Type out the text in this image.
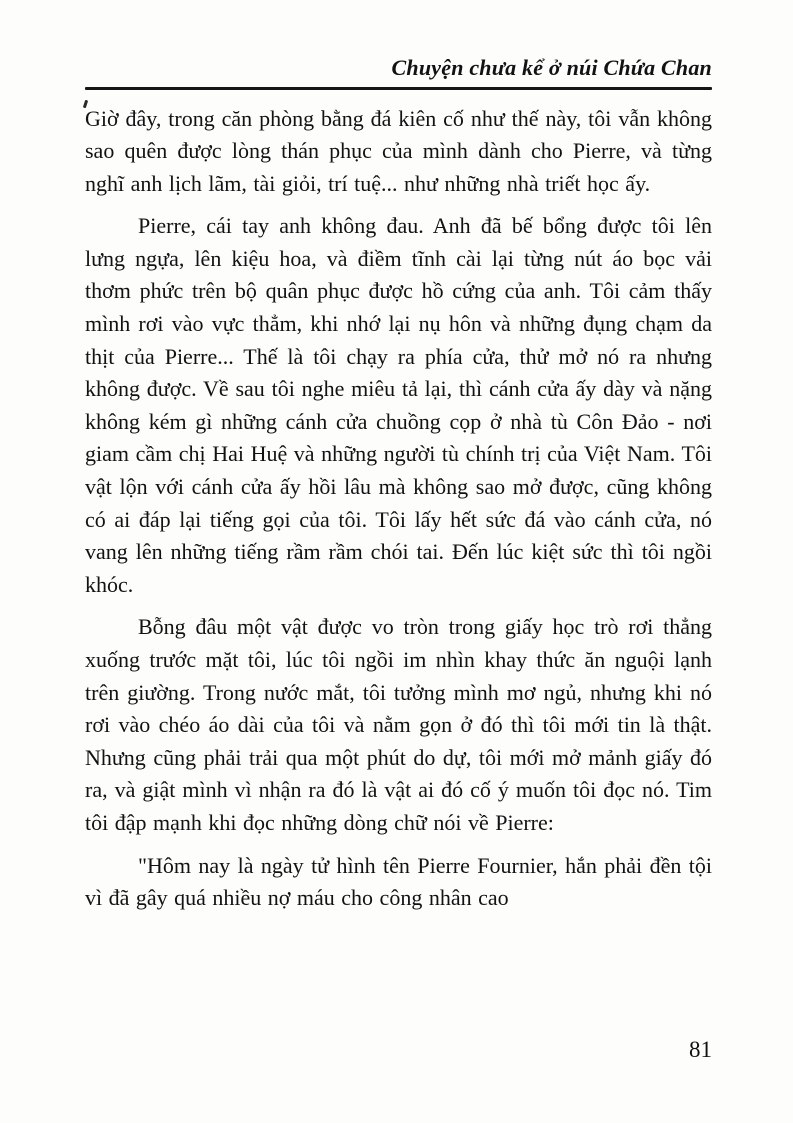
Chuyện chưa kể ở núi Chứa Chan

Giờ đây, trong căn phòng bằng đá kiên cố như thế này, tôi vẫn không sao quên được lòng thán phục của mình dành cho Pierre, và từng nghĩ anh lịch lãm, tài giỏi, trí tuệ... như những nhà triết học ấy.

Pierre, cái tay anh không đau. Anh đã bế bổng được tôi lên lưng ngựa, lên kiệu hoa, và điềm tĩnh cài lại từng nút áo bọc vải thơm phức trên bộ quân phục được hồ cứng của anh. Tôi cảm thấy mình rơi vào vực thẳm, khi nhớ lại nụ hôn và những đụng chạm da thịt của Pierre... Thế là tôi chạy ra phía cửa, thử mở nó ra nhưng không được. Về sau tôi nghe miêu tả lại, thì cánh cửa ấy dày và nặng không kém gì những cánh cửa chuồng cọp ở nhà tù Côn Đảo - nơi giam cầm chị Hai Huệ và những người tù chính trị của Việt Nam. Tôi vật lộn với cánh cửa ấy hồi lâu mà không sao mở được, cũng không có ai đáp lại tiếng gọi của tôi. Tôi lấy hết sức đá vào cánh cửa, nó vang lên những tiếng rầm rầm chói tai. Đến lúc kiệt sức thì tôi ngồi khóc.

Bỗng đâu một vật được vo tròn trong giấy học trò rơi thẳng xuống trước mặt tôi, lúc tôi ngồi im nhìn khay thức ăn nguội lạnh trên giường. Trong nước mắt, tôi tưởng mình mơ ngủ, nhưng khi nó rơi vào chéo áo dài của tôi và nằm gọn ở đó thì tôi mới tin là thật. Nhưng cũng phải trải qua một phút do dự, tôi mới mở mảnh giấy đó ra, và giật mình vì nhận ra đó là vật ai đó cố ý muốn tôi đọc nó. Tim tôi đập mạnh khi đọc những dòng chữ nói về Pierre:

"Hôm nay là ngày tử hình tên Pierre Fournier, hắn phải đền tội vì đã gây quá nhiều nợ máu cho công nhân cao

81
